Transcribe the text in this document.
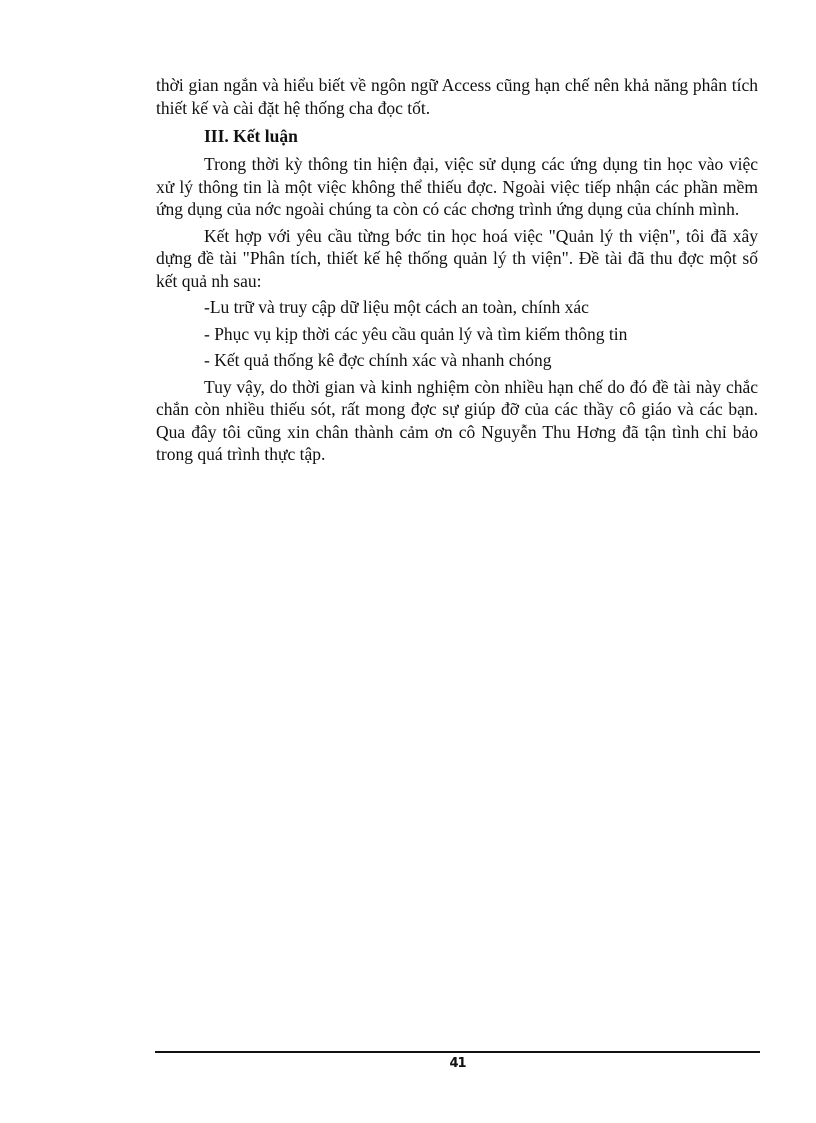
thời gian ngắn và hiểu biết về ngôn ngữ Access cũng hạn chế nên khả năng phân tích thiết kế và cài đặt hệ thống cha đọc tốt.

III. Kết luận

Trong thời kỳ thông tin hiện đại, việc sử dụng các ứng dụng tin học vào việc xử lý thông tin là một việc không thể thiếu đợc. Ngoài việc tiếp nhận các phần mềm ứng dụng của nớc ngoài chúng ta còn có các chơng trình ứng dụng của chính mình.

Kết hợp với yêu cầu từng bớc tin học hoá việc "Quản lý th viện", tôi đã xây dựng đề tài "Phân tích, thiết kế hệ thống quản lý th viện". Đề tài đã thu đợc một số kết quả nh sau:

-Lu trữ và truy cập dữ liệu một cách an toàn, chính xác
- Phục vụ kịp thời các yêu cầu quản lý và tìm kiếm thông tin
- Kết quả thống kê đợc chính xác và nhanh chóng

Tuy vậy, do thời gian và kinh nghiệm còn nhiều hạn chế do đó đề tài này chắc chắn còn nhiều thiếu sót, rất mong đợc sự giúp đỡ của các thầy cô giáo và các bạn. Qua đây tôi cũng xin chân thành cảm ơn cô Nguyễn Thu Hơng đã tận tình chỉ bảo trong quá trình thực tập.

41
